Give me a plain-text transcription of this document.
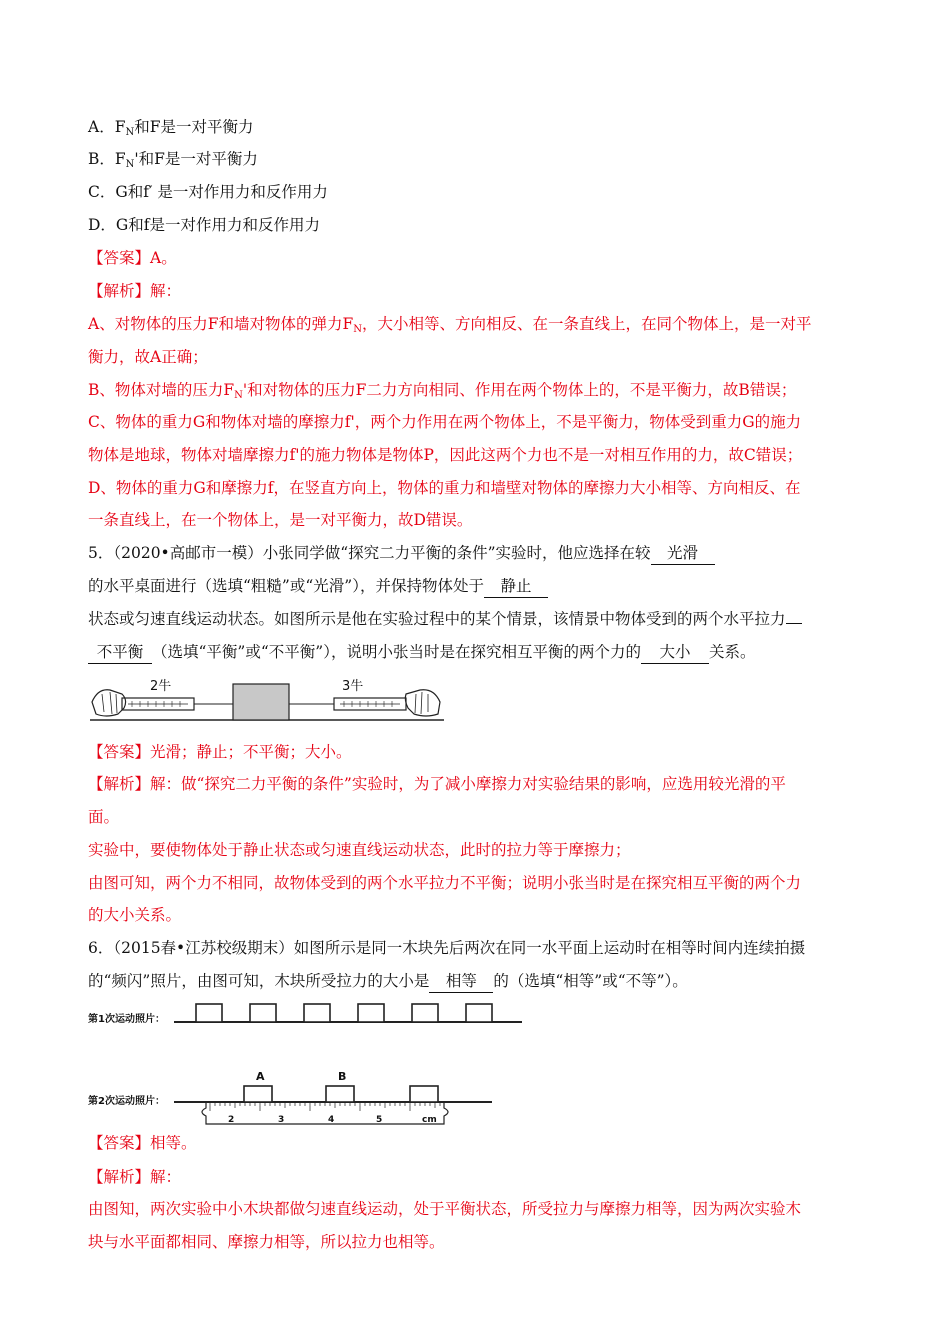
A．$F_N$和F是一对平衡力
B．$F_N'$和F是一对平衡力
C．G和f′ 是一对作用力和反作用力
D．G和f是一对作用力和反作用力
【答案】A。
【解析】解：
A、对物体的压力F和墙对物体的弹力$F_N$，大小相等、方向相反、在一条直线上，在同个物体上，是一对平
衡力，故A正确；
B、物体对墙的压力$F_N'$和对物体的压力F二力方向相同、作用在两个物体上的，不是平衡力，故B错误；
C、物体的重力G和物体对墙的摩擦力f'，两个力作用在两个物体上，不是平衡力，物体受到重力G的施力
物体是地球，物体对墙摩擦力f'的施力物体是物体P，因此这两个力也不是一对相互作用的力，故C错误；
D、物体的重力G和摩擦力f，在竖直方向上，物体的重力和墙壁对物体的摩擦力大小相等、方向相反、在
一条直线上，在一个物体上，是一对平衡力，故D错误。
5．（2020•高邮市一模）小张同学做“探究二力平衡的条件”实验时，他应选择在较 光滑
的水平桌面进行（选填“粗糙”或“光滑”），并保持物体处于 静止
状态或匀速直线运动状态。如图所示是他在实验过程中的某个情景，该情景中物体受到的两个水平拉力
不平衡 （选填“平衡”或“不平衡”），说明小张当时是在探究相互平衡的两个力的 大小 关系。
2牛	3牛
【答案】光滑；静止；不平衡；大小。
【解析】解：做“探究二力平衡的条件”实验时，为了减小摩擦力对实验结果的影响，应选用较光滑的平
面。
实验中，要使物体处于静止状态或匀速直线运动状态，此时的拉力等于摩擦力；
由图可知，两个力不相同，故物体受到的两个水平拉力不平衡；说明小张当时是在探究相互平衡的两个力
的大小关系。
6．（2015春•江苏校级期末）如图所示是同一木块先后两次在同一水平面上运动时在相等时间内连续拍摄
的“频闪”照片，由图可知，木块所受拉力的大小是 相等 的（选填“相等”或“不等”）。
第1次运动照片：
第2次运动照片：
A	B
2	3	4	5	cm
【答案】相等。
【解析】解：
由图知，两次实验中小木块都做匀速直线运动，处于平衡状态，所受拉力与摩擦力相等，因为两次实验木
块与水平面都相同、摩擦力相等，所以拉力也相等。
